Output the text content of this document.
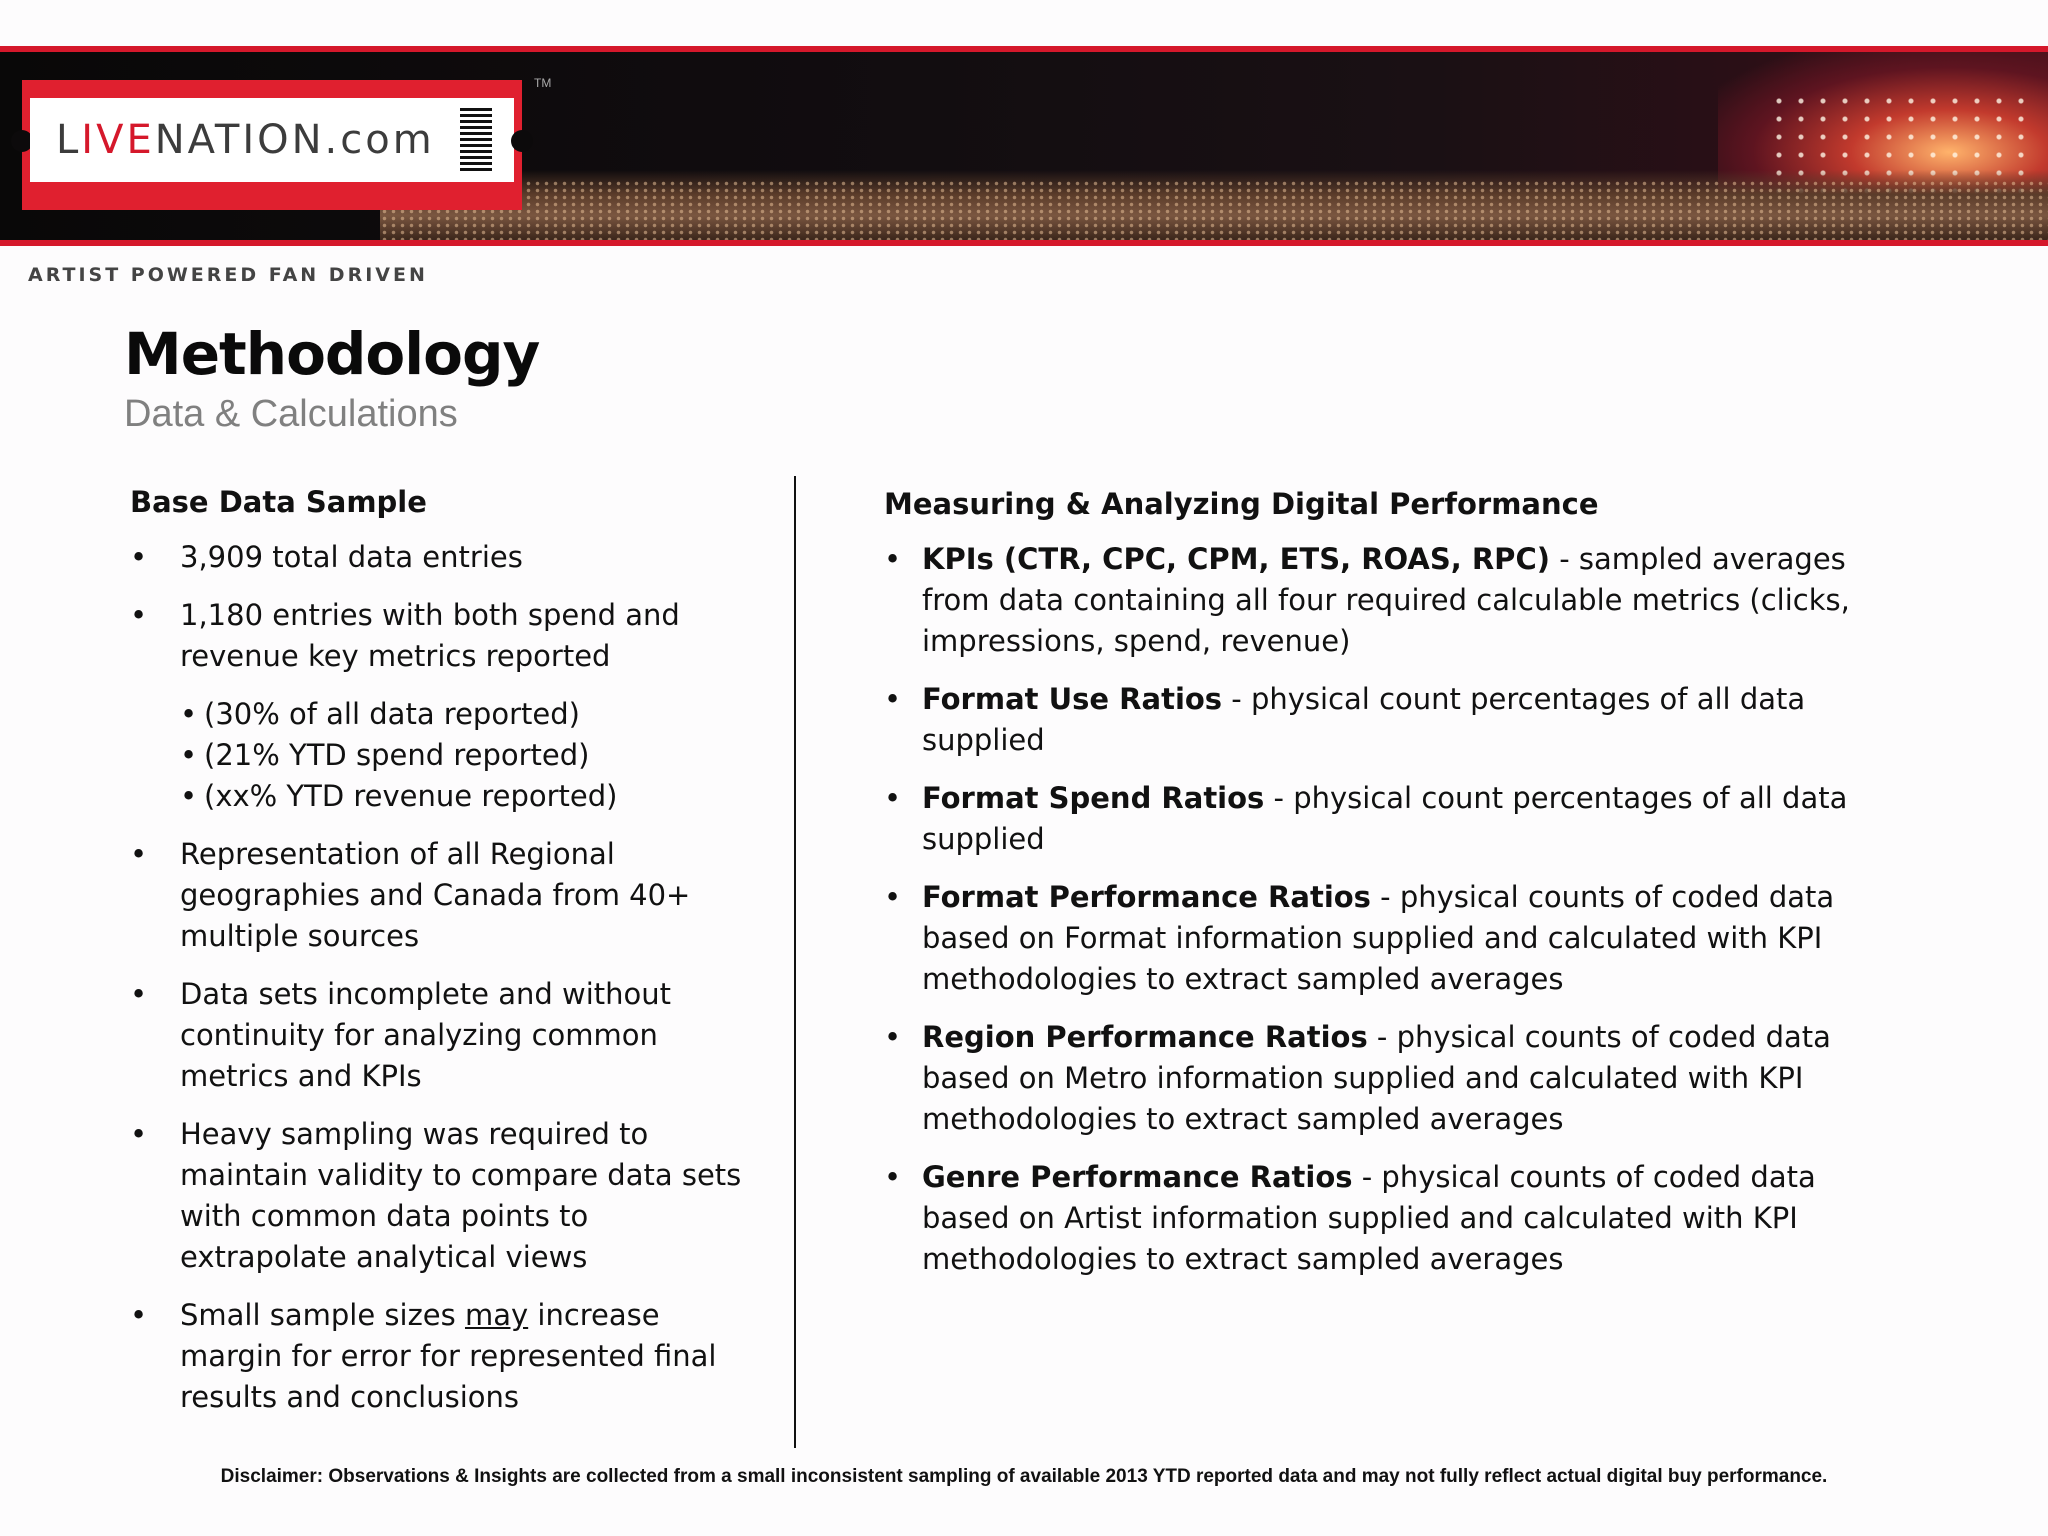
LIVENATION.com
TM
ARTIST POWERED FAN DRIVEN
Methodology
Data & Calculations
Base Data Sample
• 3,909 total data entries
• 1,180 entries with both spend and revenue key metrics reported
• (30% of all data reported)
• (21% YTD spend reported)
• (xx% YTD revenue reported)
• Representation of all Regional geographies and Canada from 40+ multiple sources
• Data sets incomplete and without continuity for analyzing common metrics and KPIs
• Heavy sampling was required to maintain validity to compare data sets with common data points to extrapolate analytical views
• Small sample sizes may increase margin for error for represented final results and conclusions
Measuring & Analyzing Digital Performance
• KPIs (CTR, CPC, CPM, ETS, ROAS, RPC) - sampled averages from data containing all four required calculable metrics (clicks, impressions, spend, revenue)
• Format Use Ratios - physical count percentages of all data supplied
• Format Spend Ratios - physical count percentages of all data supplied
• Format Performance Ratios - physical counts of coded data based on Format information supplied and calculated with KPI methodologies to extract sampled averages
• Region Performance Ratios - physical counts of coded data based on Metro information supplied and calculated with KPI methodologies to extract sampled averages
• Genre Performance Ratios - physical counts of coded data based on Artist information supplied and calculated with KPI methodologies to extract sampled averages
Disclaimer: Observations & Insights are collected from a small inconsistent sampling of available 2013 YTD reported data and may not fully reflect actual digital buy performance.
